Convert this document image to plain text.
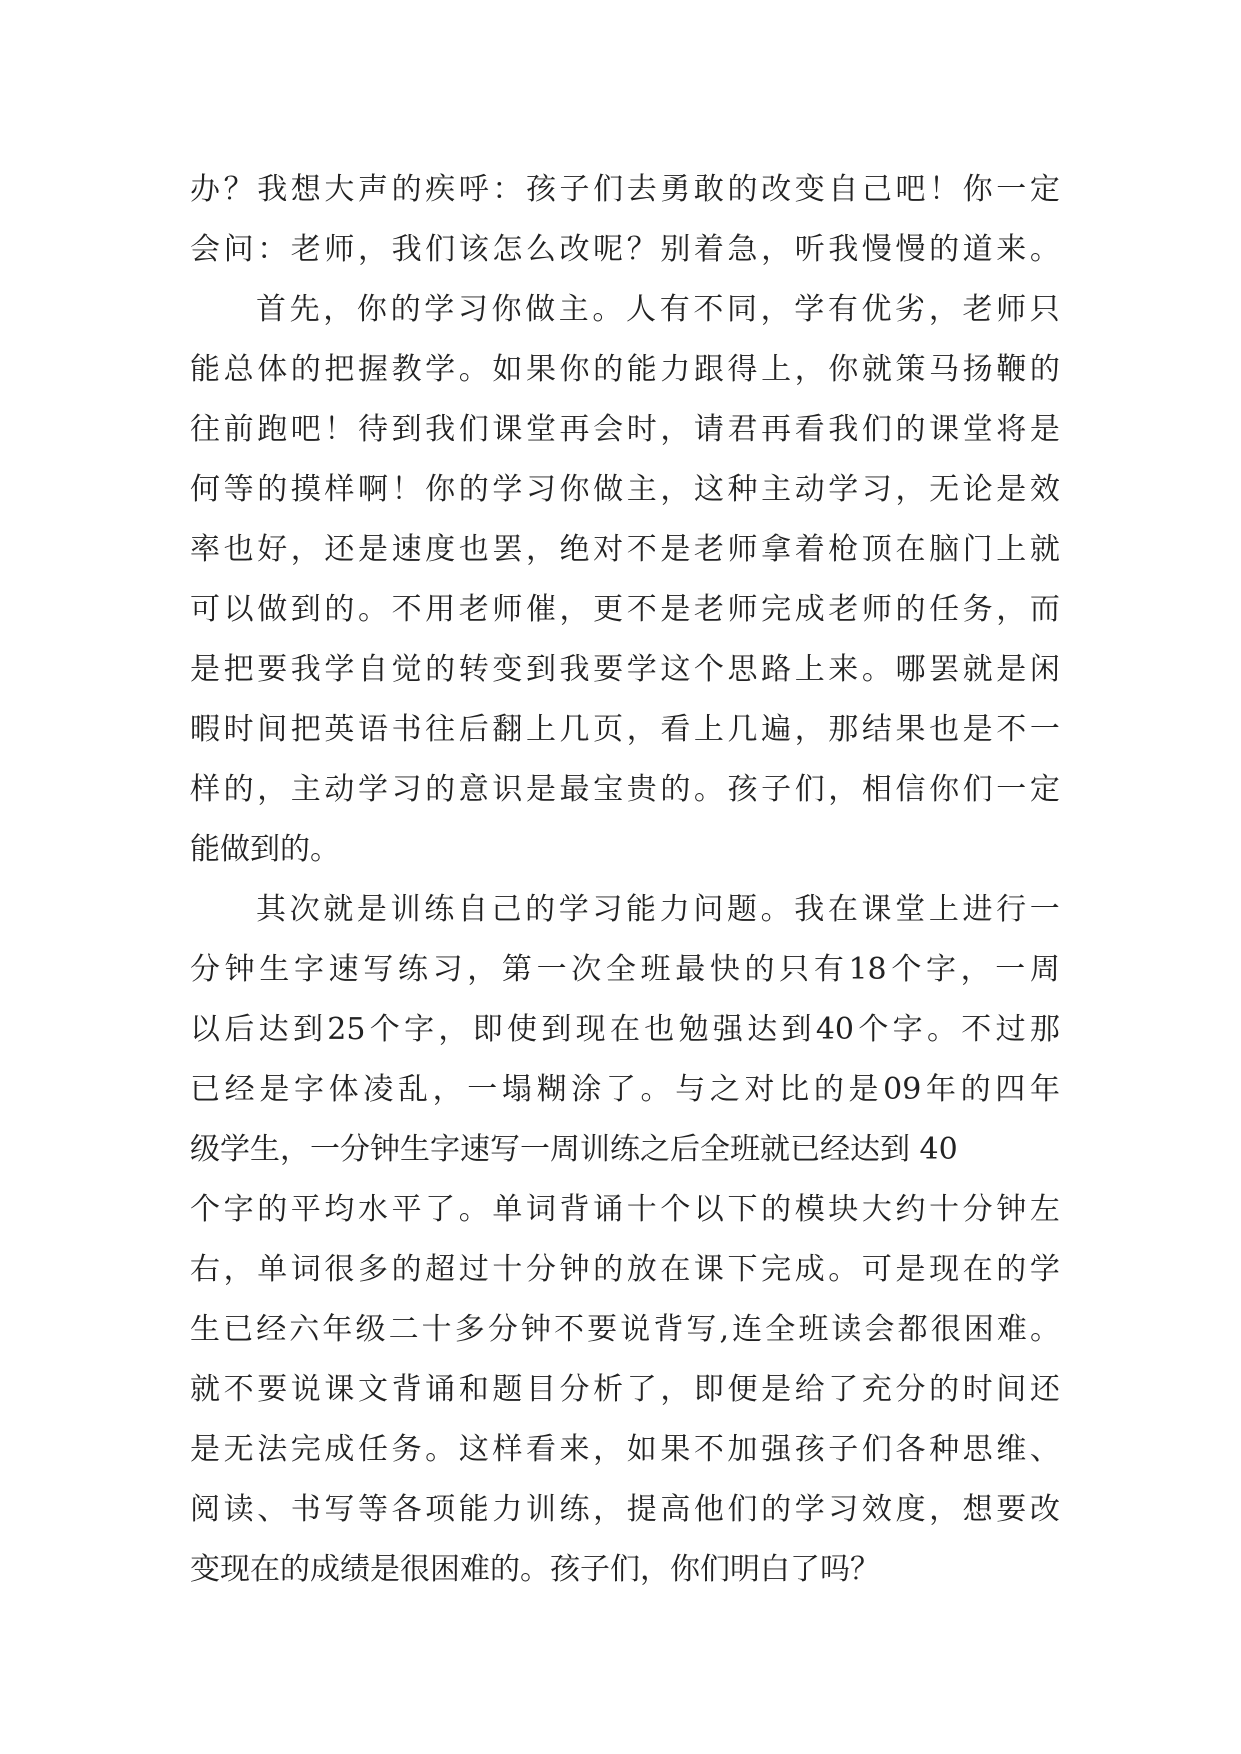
办 ？ 我 想 大 声 的 疾 呼 ： 孩 子 们 去 勇 敢 的 改 变 自 己 吧 ！ 你 一 定
会 问 ： 老 师 ， 我 们 该 怎 么 改 呢 ？ 别 着 急 ， 听 我 慢 慢 的 道 来 。
首 先 ， 你 的 学 习 你 做 主 。 人 有 不 同 ， 学 有 优 劣 ， 老 师 只
能 总 体 的 把 握 教 学 。 如 果 你 的 能 力 跟 得 上 ， 你 就 策 马 扬 鞭 的
往 前 跑 吧 ！ 待 到 我 们 课 堂 再 会 时 ， 请 君 再 看 我 们 的 课 堂 将 是
何 等 的 摸 样 啊 ！ 你 的 学 习 你 做 主 ， 这 种 主 动 学 习 ， 无 论 是 效
率 也 好 ， 还 是 速 度 也 罢 ， 绝 对 不 是 老 师 拿 着 枪 顶 在 脑 门 上 就
可 以 做 到 的 。 不 用 老 师 催 ， 更 不 是 老 师 完 成 老 师 的 任 务 ， 而
是 把 要 我 学 自 觉 的 转 变 到 我 要 学 这 个 思 路 上 来 。 哪 罢 就 是 闲
暇 时 间 把 英 语 书 往 后 翻 上 几 页 ， 看 上 几 遍 ， 那 结 果 也 是 不 一
样 的 ， 主 动 学 习 的 意 识 是 最 宝 贵 的 。 孩 子 们 ， 相 信 你 们 一 定
能做到的。
其 次 就 是 训 练 自 己 的 学 习 能 力 问 题 。 我 在 课 堂 上 进 行 一
分 钟 生 字 速 写 练 习 ， 第 一 次 全 班 最 快 的 只 有 18 个 字 ， 一 周
以 后 达 到 25 个 字 ， 即 使 到 现 在 也 勉 强 达 到 40 个 字 。 不 过 那
已 经 是 字 体 凌 乱 ， 一 塌 糊 涂 了 。 与 之 对 比 的 是 09 年 的 四 年
级学生，一分钟生字速写一周训练之后全班就已经达到 40
个 字 的 平 均 水 平 了 。 单 词 背 诵 十 个 以 下 的 模 块 大 约 十 分 钟 左
右 ， 单 词 很 多 的 超 过 十 分 钟 的 放 在 课 下 完 成 。 可 是 现 在 的 学
生 已 经 六 年 级 二 十 多 分 钟 不 要 说 背 写 , 连 全 班 读 会 都 很 困 难 。
就 不 要 说 课 文 背 诵 和 题 目 分 析 了 ， 即 便 是 给 了 充 分 的 时 间 还
是 无 法 完 成 任 务 。 这 样 看 来 ， 如 果 不 加 强 孩 子 们 各 种 思 维 、
阅 读 、 书 写 等 各 项 能 力 训 练 ， 提 高 他 们 的 学 习 效 度 ， 想 要 改
变现在的成绩是很困难的。孩子们，你们明白了吗？
